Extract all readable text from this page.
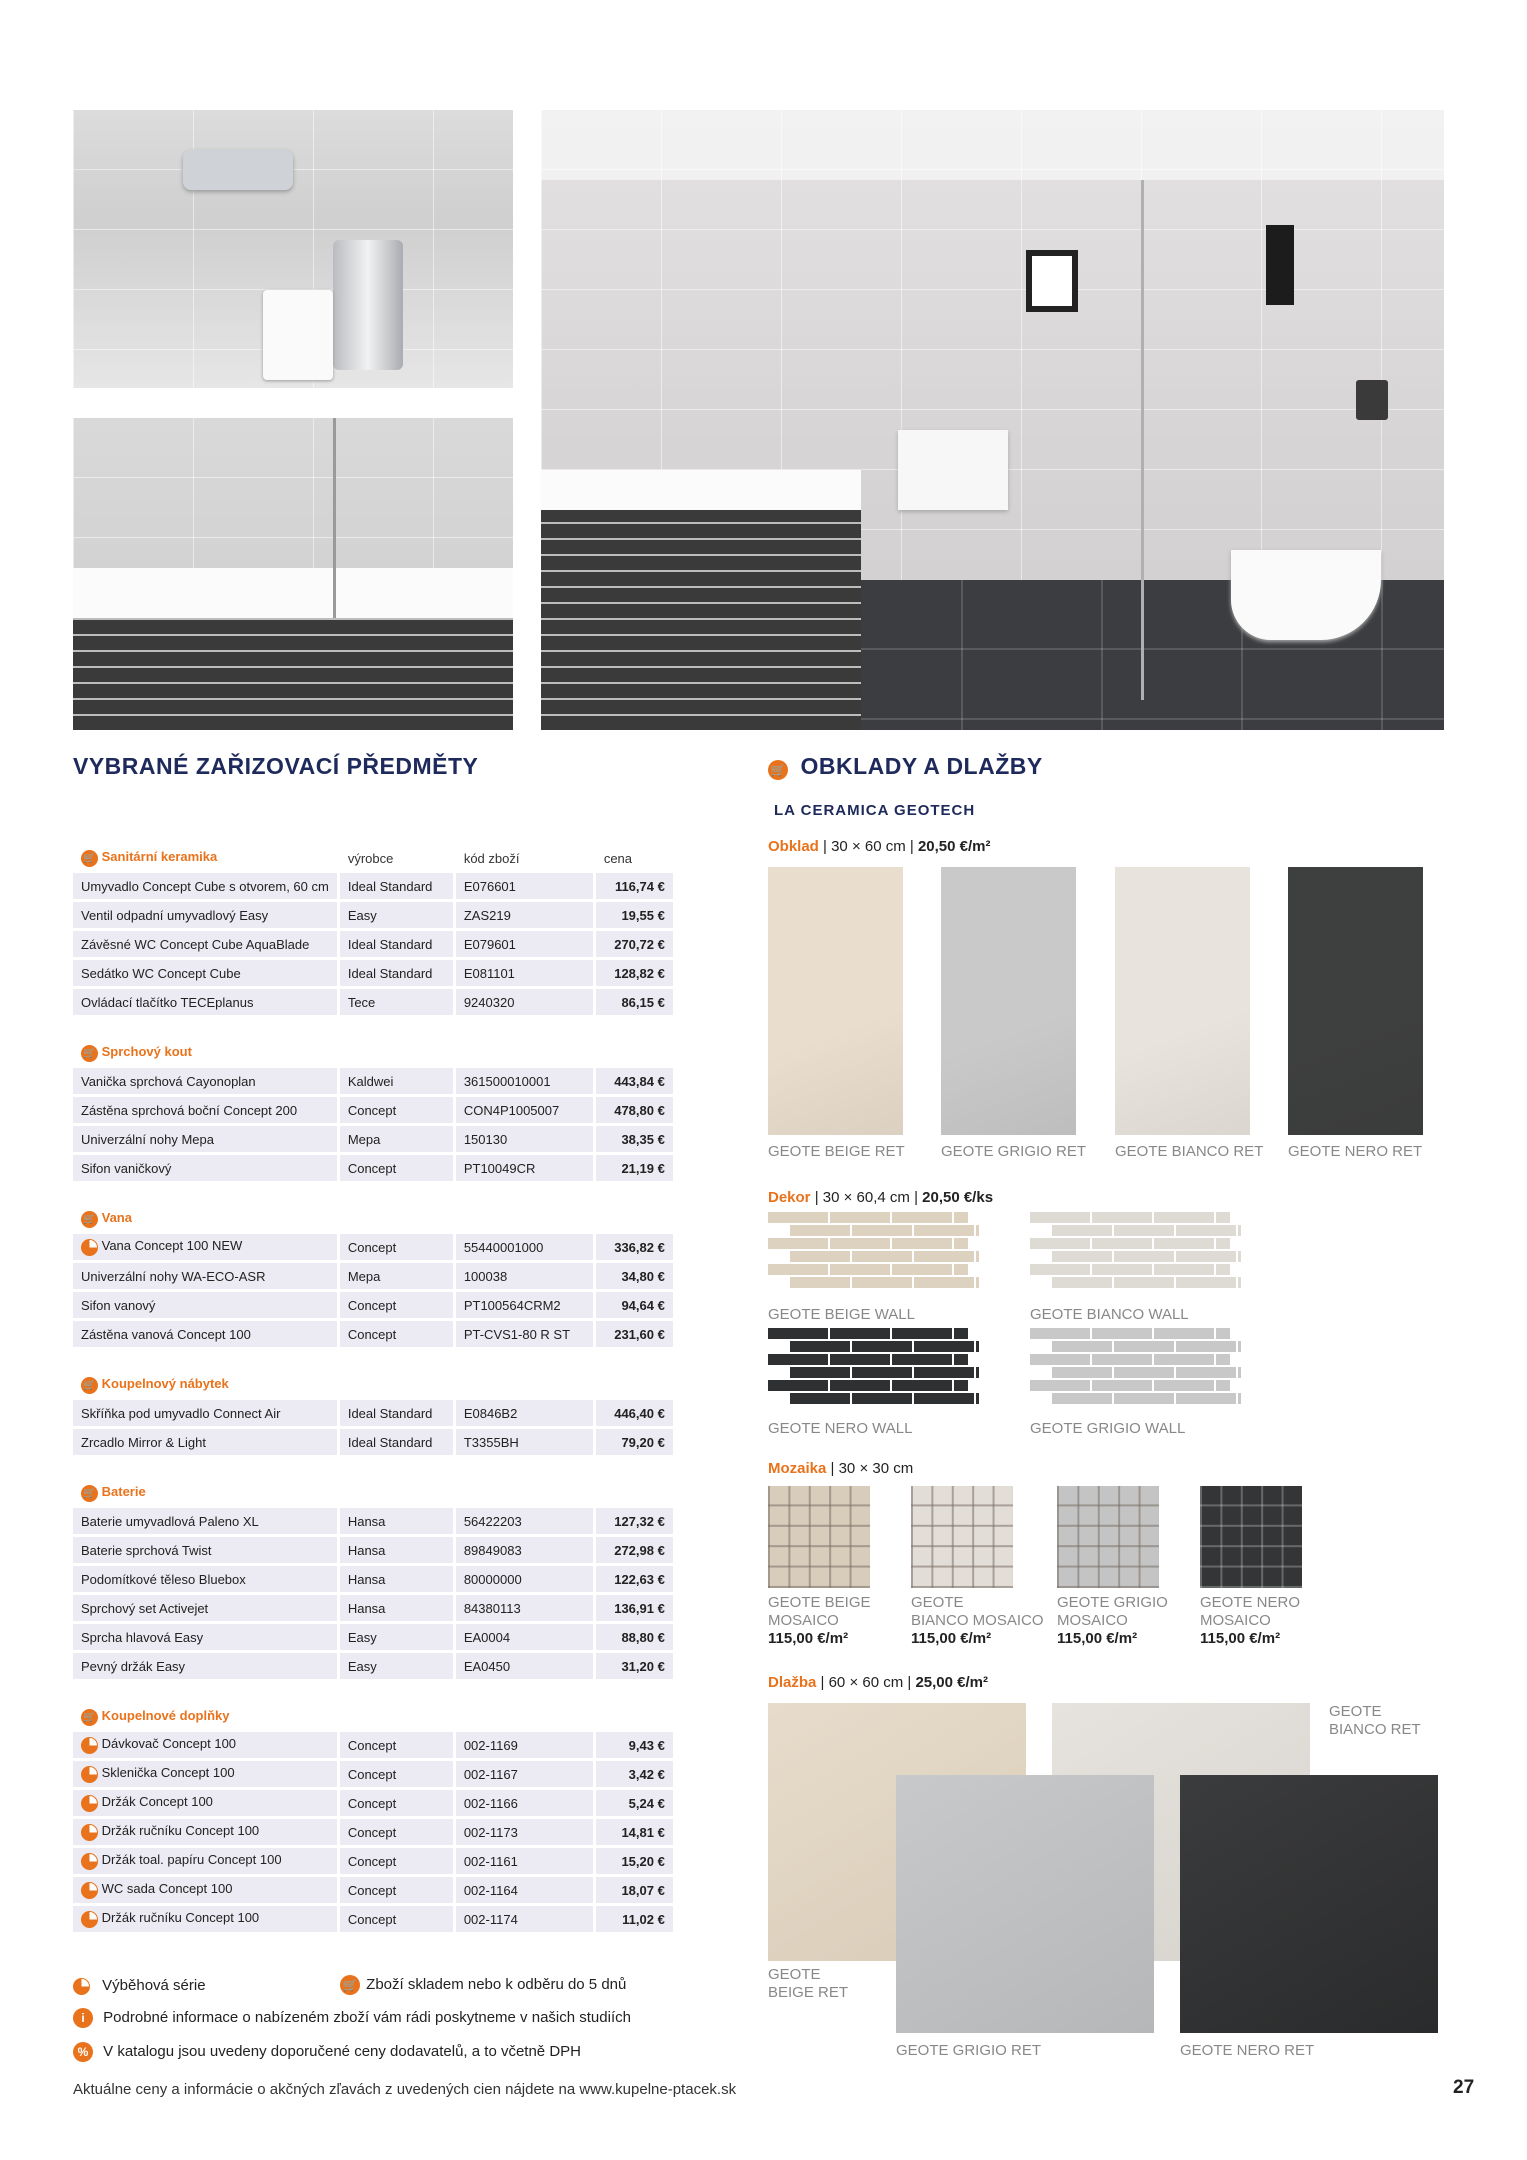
VYBRANÉ ZAŘIZOVACÍ PŘEDMĚTY	🛒 OBKLADY A DLAŽBY
LA CERAMICA GEOTECH
🛒 Sanitární keramika	výrobce	kód zboží	cena
Umyvadlo Concept Cube s otvorem, 60 cm	Ideal Standard	E076601	116,74 €
Ventil odpadní umyvadlový Easy	Easy	ZAS219	19,55 €
Závěsné WC Concept Cube AquaBlade	Ideal Standard	E079601	270,72 €
Sedátko WC Concept Cube	Ideal Standard	E081101	128,82 €
Ovládací tlačítko TECEplanus	Tece	9240320	86,15 €

🛒 Sprchový kout			
Vanička sprchová Cayonoplan	Kaldwei	361500010001	443,84 €
Zástěna sprchová boční Concept 200	Concept	CON4P1005007	478,80 €
Univerzální nohy Mepa	Mepa	150130	38,35 €
Sifon vaničkový	Concept	PT10049CR	21,19 €

🛒 Vana			
Vana Concept 100 NEW	Concept	55440001000	336,82 €
Univerzální nohy WA-ECO-ASR	Mepa	100038	34,80 €
Sifon vanový	Concept	PT100564CRM2	94,64 €
Zástěna vanová Concept 100	Concept	PT-CVS1-80 R ST	231,60 €

🛒 Koupelnový nábytek			
Skříňka pod umyvadlo Connect Air	Ideal Standard	E0846B2	446,40 €
Zrcadlo Mirror & Light	Ideal Standard	T3355BH	79,20 €

🛒 Baterie			
Baterie umyvadlová Paleno XL	Hansa	56422203	127,32 €
Baterie sprchová Twist	Hansa	89849083	272,98 €
Podomítkové těleso Bluebox	Hansa	80000000	122,63 €
Sprchový set Activejet	Hansa	84380113	136,91 €
Sprcha hlavová Easy	Easy	EA0004	88,80 €
Pevný držák Easy	Easy	EA0450	31,20 €

🛒 Koupelnové doplňky			
Dávkovač Concept 100	Concept	002-1169	9,43 €
Sklenička Concept 100	Concept	002-1167	3,42 €
Držák Concept 100	Concept	002-1166	5,24 €
Držák ručníku Concept 100	Concept	002-1173	14,81 €
Držák toal. papíru Concept 100	Concept	002-1161	15,20 €
WC sada Concept 100	Concept	002-1164	18,07 €
Držák ručníku Concept 100	Concept	002-1174	11,02 €
Výběhová série	🛒 Zboží skladem nebo k odběru do 5 dnů
i Podrobné informace o nabízeném zboží vám rádi poskytneme v našich studiích
% V katalogu jsou uvedeny doporučené ceny dodavatelů, a to včetně DPH
Aktuálne ceny a informácie o akčných zľavách z uvedených cien nájdete na www.kupelne-ptacek.sk	27
Obklad | 30 × 60 cm | 20,50 €/m²
GEOTE BEIGE RET GEOTE GRIGIO RET GEOTE BIANCO RET GEOTE NERO RET
Dekor | 30 × 60,4 cm | 20,50 €/ks
GEOTE BEIGE WALL	GEOTE BIANCO WALL
GEOTE NERO WALL	GEOTE GRIGIO WALL
Mozaika | 30 × 30 cm
GEOTE BEIGE
MOSAICO
115,00 €/m²
GEOTE
BIANCO MOSAICO
115,00 €/m²
GEOTE GRIGIO
MOSAICO
115,00 €/m²
GEOTE NERO
MOSAICO
115,00 €/m²
Dlažba | 60 × 60 cm | 25,00 €/m²
GEOTE
BEIGE RET
GEOTE
BIANCO RET
GEOTE GRIGIO RET	GEOTE NERO RET
